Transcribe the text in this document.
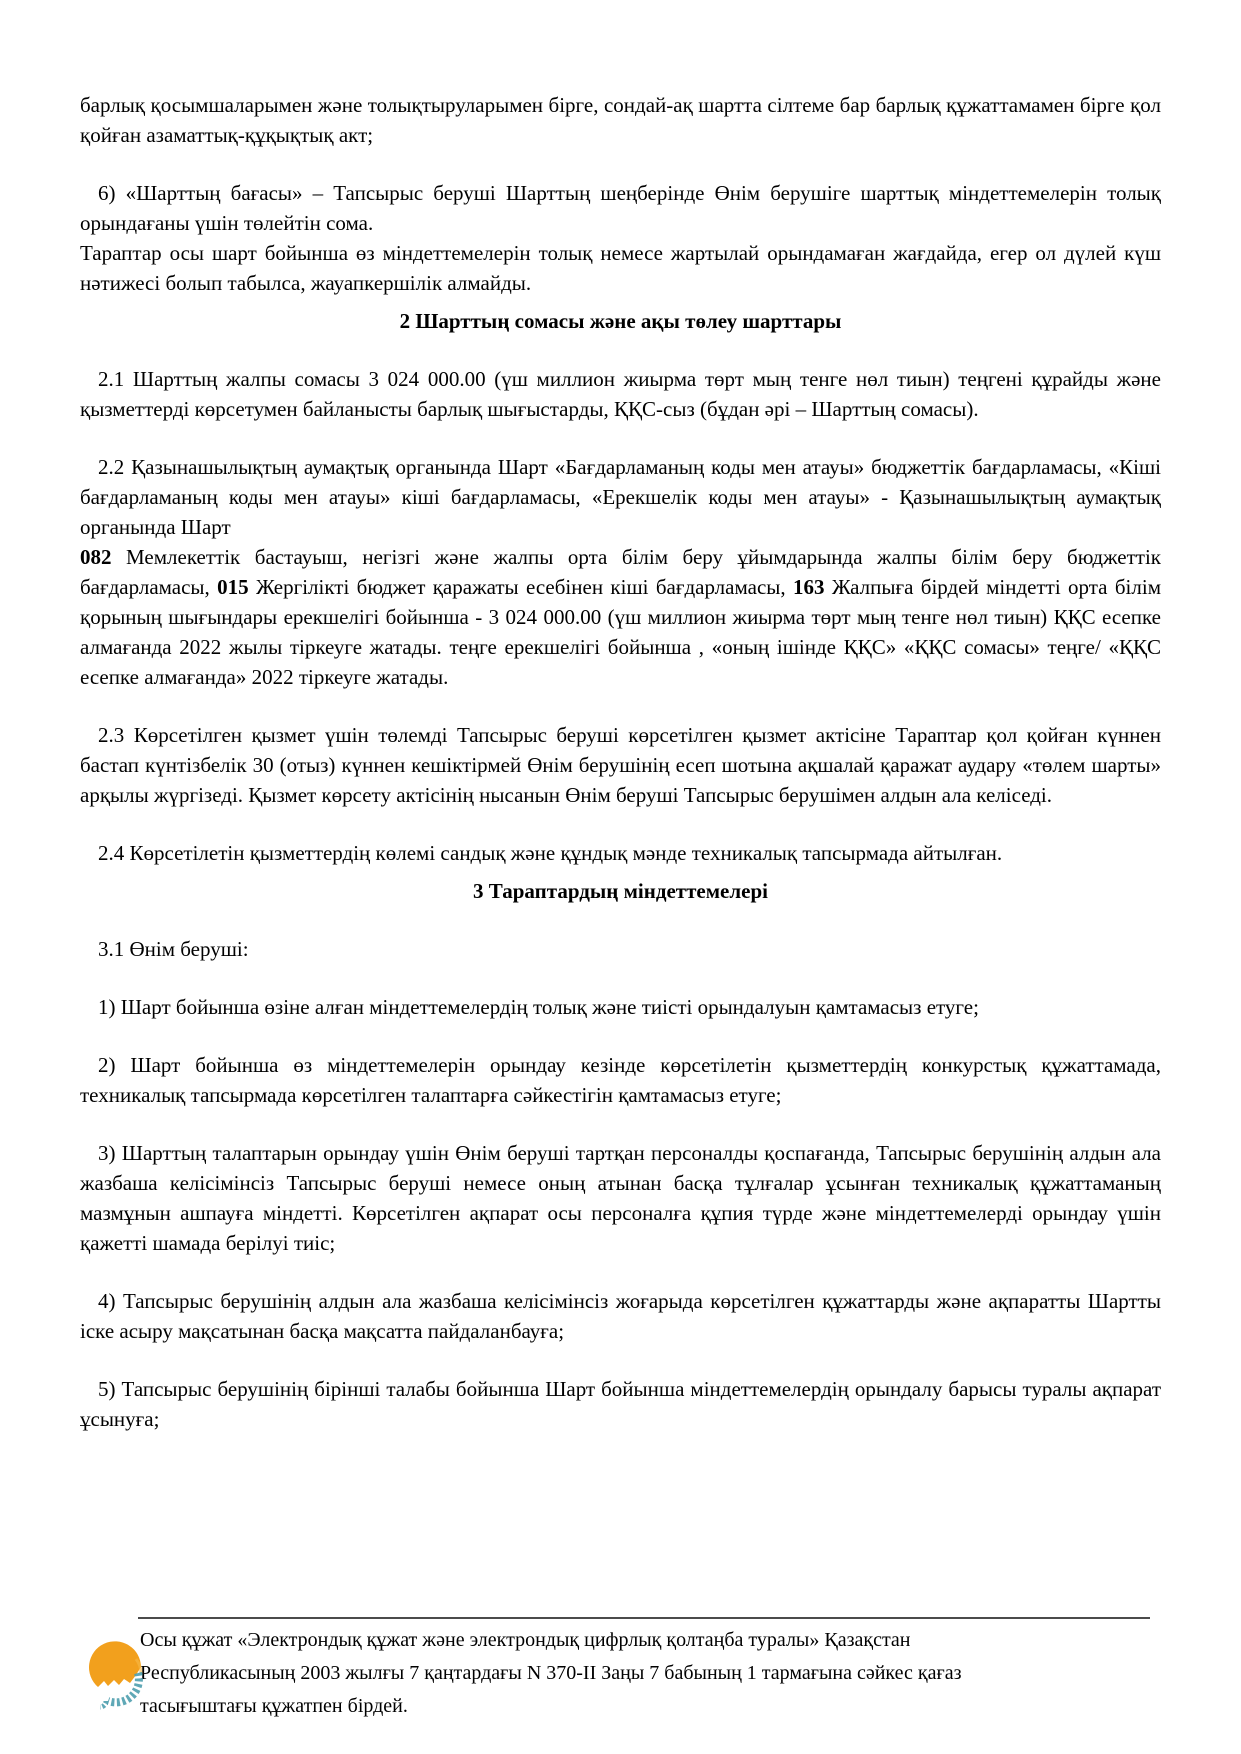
барлық қосымшаларымен және толықтыруларымен бірге, сондай-ақ шартта сілтеме бар барлық құжаттамамен бірге қол қойған азаматтық-құқықтық акт;

6) «Шарттың бағасы» – Тапсырыс беруші Шарттың шеңберінде Өнім берушіге шарттық міндеттемелерін толық орындағаны үшін төлейтін сома.

Тараптар осы шарт бойынша өз міндеттемелерін толық немесе жартылай орындамаған жағдайда, егер ол дүлей күш нәтижесі болып табылса, жауапкершілік алмайды.

2 Шарттың сомасы және ақы төлеу шарттары

2.1 Шарттың жалпы сомасы 3 024 000.00 (үш миллион жиырма төрт мың тенге нөл тиын) теңгені құрайды және қызметтерді көрсетумен байланысты барлық шығыстарды, ҚҚС-сыз (бұдан әрі – Шарттың сомасы).

2.2 Қазынашылықтың аумақтық органында Шарт «Бағдарламаның коды мен атауы» бюджеттік бағдарламасы, «Кіші бағдарламаның коды мен атауы» кіші бағдарламасы, «Ерекшелік коды мен атауы» - Қазынашылықтың аумақтық органында Шарт
082 Мемлекеттік бастауыш, негізгі және жалпы орта білім беру ұйымдарында жалпы білім беру бюджеттік бағдарламасы, 015 Жергілікті бюджет қаражаты есебінен кіші бағдарламасы, 163 Жалпыға бірдей міндетті орта білім қорының шығындары ерекшелігі бойынша - 3 024 000.00 (үш миллион жиырма төрт мың тенге нөл тиын) ҚҚС есепке алмағанда 2022 жылы тіркеуге жатады. теңге ерекшелігі бойынша , «оның ішінде ҚҚС» «ҚҚС сомасы» теңге/ «ҚҚС есепке алмағанда» 2022 тіркеуге жатады.

2.3 Көрсетілген қызмет үшін төлемді Тапсырыс беруші көрсетілген қызмет актісіне Тараптар қол қойған күннен бастап күнтізбелік 30 (отыз) күннен кешіктірмей Өнім берушінің есеп шотына ақшалай қаражат аудару «төлем шарты» арқылы жүргізеді. Қызмет көрсету актісінің нысанын Өнім беруші Тапсырыс берушімен алдын ала келіседі.

2.4 Көрсетілетін қызметтердің көлемі сандық және құндық мәнде техникалық тапсырмада айтылған.

3 Тараптардың міндеттемелері

3.1 Өнім беруші:

1) Шарт бойынша өзіне алған міндеттемелердің толық және тиісті орындалуын қамтамасыз етуге;

2) Шарт бойынша өз міндеттемелерін орындау кезінде көрсетілетін қызметтердің конкурстық құжаттамада, техникалық тапсырмада көрсетілген талаптарға сәйкестігін қамтамасыз етуге;

3) Шарттың талаптарын орындау үшін Өнім беруші тартқан персоналды қоспағанда, Тапсырыс берушінің алдын ала жазбаша келісімінсіз Тапсырыс беруші немесе оның атынан басқа тұлғалар ұсынған техникалық құжаттаманың мазмұнын ашпауға міндетті. Көрсетілген ақпарат осы персоналға құпия түрде және міндеттемелерді орындау үшін қажетті шамада берілуі тиіс;

4) Тапсырыс берушінің алдын ала жазбаша келісімінсіз жоғарыда көрсетілген құжаттарды және ақпаратты Шартты іске асыру мақсатынан басқа мақсатта пайдаланбауға;

5) Тапсырыс берушінің бірінші талабы бойынша Шарт бойынша міндеттемелердің орындалу барысы туралы ақпарат ұсынуға;

Осы құжат «Электрондық құжат және электрондық цифрлық қолтаңба туралы» Қазақстан
Республикасының 2003 жылғы 7 қаңтардағы N 370-II Заңы 7 бабының 1 тармағына сәйкес қағаз
тасығыштағы құжатпен бірдей.
